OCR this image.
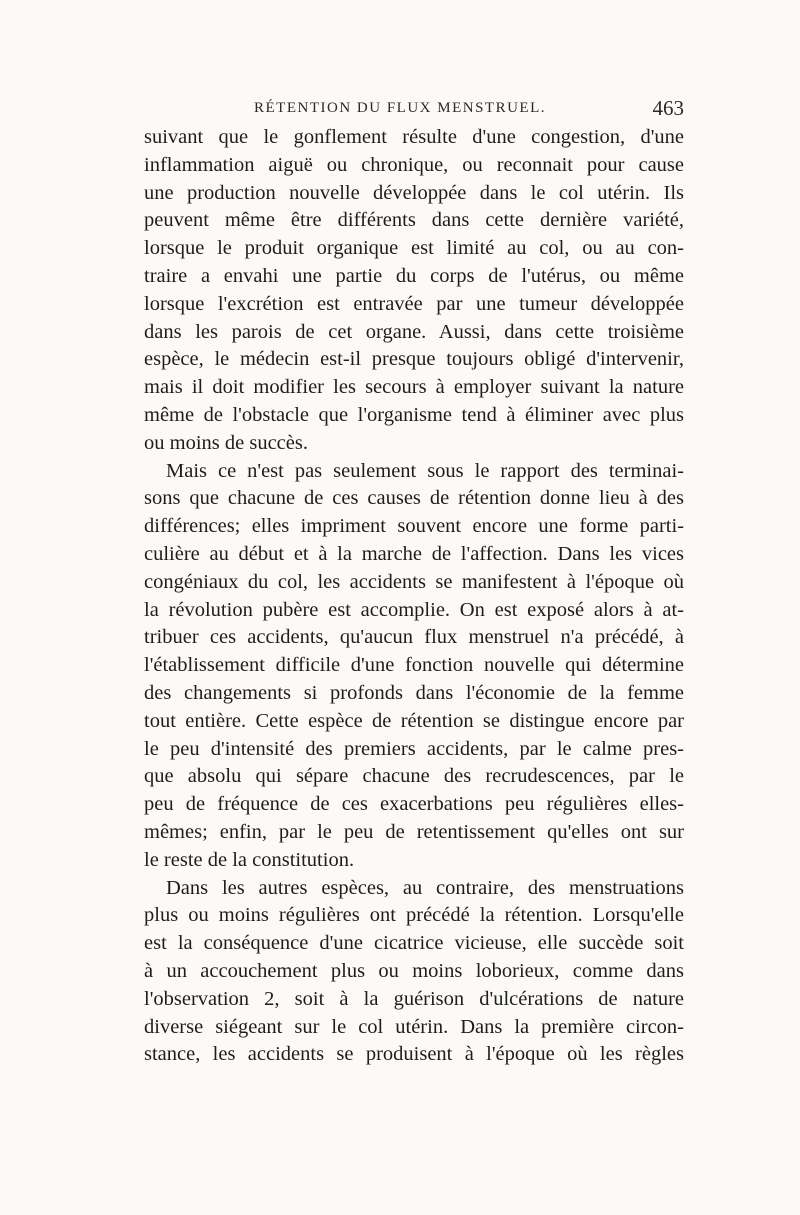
RÉTENTION DU FLUX MENSTRUEL.	463
suivant que le gonflement résulte d'une congestion, d'une
inflammation aiguë ou chronique, ou reconnait pour cause
une production nouvelle développée dans le col utérin. Ils
peuvent même être différents dans cette dernière variété,
lorsque le produit organique est limité au col, ou au con-
traire a envahi une partie du corps de l'utérus, ou même
lorsque l'excrétion est entravée par une tumeur développée
dans les parois de cet organe. Aussi, dans cette troisième
espèce, le médecin est-il presque toujours obligé d'intervenir,
mais il doit modifier les secours à employer suivant la nature
même de l'obstacle que l'organisme tend à éliminer avec plus
ou moins de succès.
Mais ce n'est pas seulement sous le rapport des terminai-
sons que chacune de ces causes de rétention donne lieu à des
différences; elles impriment souvent encore une forme parti-
culière au début et à la marche de l'affection. Dans les vices
congéniaux du col, les accidents se manifestent à l'époque où
la révolution pubère est accomplie. On est exposé alors à at-
tribuer ces accidents, qu'aucun flux menstruel n'a précédé, à
l'établissement difficile d'une fonction nouvelle qui détermine
des changements si profonds dans l'économie de la femme
tout entière. Cette espèce de rétention se distingue encore par
le peu d'intensité des premiers accidents, par le calme pres-
que absolu qui sépare chacune des recrudescences, par le
peu de fréquence de ces exacerbations peu régulières elles-
mêmes; enfin, par le peu de retentissement qu'elles ont sur
le reste de la constitution.
Dans les autres espèces, au contraire, des menstruations
plus ou moins régulières ont précédé la rétention. Lorsqu'elle
est la conséquence d'une cicatrice vicieuse, elle succède soit
à un accouchement plus ou moins loborieux, comme dans
l'observation 2, soit à la guérison d'ulcérations de nature
diverse siégeant sur le col utérin. Dans la première circon-
stance, les accidents se produisent à l'époque où les règles
